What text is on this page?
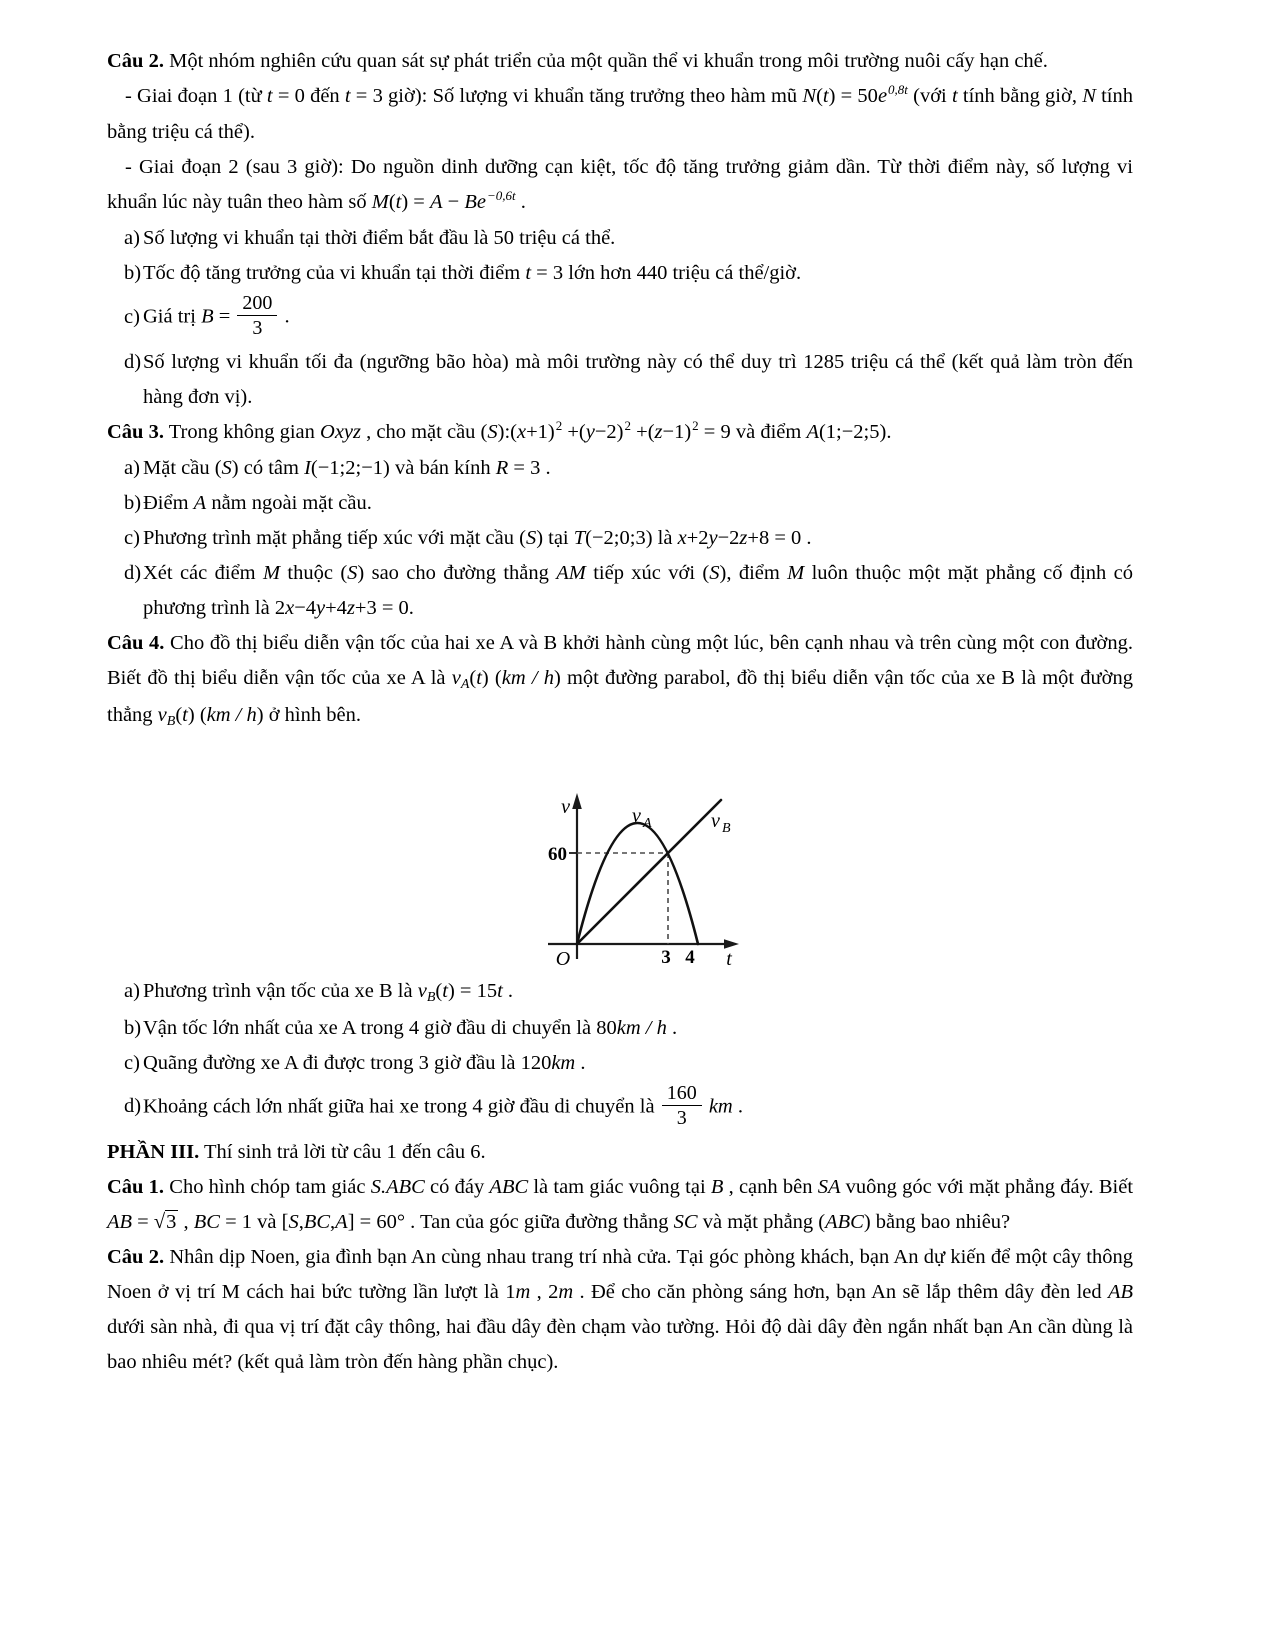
Câu 2. Một nhóm nghiên cứu quan sát sự phát triển của một quần thể vi khuẩn trong môi trường nuôi cấy hạn chế.
- Giai đoạn 1 (từ t = 0 đến t = 3 giờ): Số lượng vi khuẩn tăng trưởng theo hàm mũ $N(t) = 50e^{0,8t}$ (với t tính bằng giờ, N tính bằng triệu cá thể).
- Giai đoạn 2 (sau 3 giờ): Do nguồn dinh dưỡng cạn kiệt, tốc độ tăng trưởng giảm dần. Từ thời điểm này, số lượng vi khuẩn lúc này tuân theo hàm số $M(t) = A - Be^{-0,6t}$ .
a) Số lượng vi khuẩn tại thời điểm bắt đầu là 50 triệu cá thể.
b)Tốc độ tăng trưởng của vi khuẩn tại thời điểm t = 3 lớn hơn 440 triệu cá thể/giờ.
c) Giá trị $B = \frac{200}{3}$ .
d)Số lượng vi khuẩn tối đa (ngưỡng bão hòa) mà môi trường này có thể duy trì 1285 triệu cá thể (kết quả làm tròn đến hàng đơn vị).
Câu 3. Trong không gian Oxyz , cho mặt cầu $(S):(x+1)^2 +(y-2)^2 +(z-1)^2 = 9$ và điểm A(1;−2;5).
a) Mặt cầu (S) có tâm I(−1;2;−1) và bán kính R = 3 .
b)Điểm A nằm ngoài mặt cầu.
c) Phương trình mặt phẳng tiếp xúc với mặt cầu (S) tại T(−2;0;3) là x+2y−2z+8 = 0 .
d)Xét các điểm M thuộc (S) sao cho đường thẳng AM tiếp xúc với (S), điểm M luôn thuộc một mặt phẳng cố định có phương trình là 2x−4y+4z+3 = 0.
Câu 4. Cho đồ thị biểu diễn vận tốc của hai xe A và B khởi hành cùng một lúc, bên cạnh nhau và trên cùng một con đường. Biết đồ thị biểu diễn vận tốc của xe A là vA(t) (km / h) một đường parabol, đồ thị biểu diễn vận tốc của xe B là một đường thẳng vB(t) (km / h) ở hình bên.
v
t
O
60
3 4
v A	v B
a) Phương trình vận tốc của xe B là vB(t) = 15t .
b)Vận tốc lớn nhất của xe A trong 4 giờ đầu di chuyển là 80km / h .
c) Quãng đường xe A đi được trong 3 giờ đầu là 120km .
d)Khoảng cách lớn nhất giữa hai xe trong 4 giờ đầu di chuyển là $\frac{160}{3}$ km .
PHẦN III. Thí sinh trả lời từ câu 1 đến câu 6.
Câu 1. Cho hình chóp tam giác S.ABC có đáy ABC là tam giác vuông tại B , cạnh bên SA vuông góc với mặt phẳng đáy. Biết AB = √3 , BC = 1 và [S,BC,A] = 60° . Tan của góc giữa đường thẳng SC và mặt phẳng (ABC) bằng bao nhiêu?
Câu 2. Nhân dịp Noen, gia đình bạn An cùng nhau trang trí nhà cửa. Tại góc phòng khách, bạn An dự kiến để một cây thông Noen ở vị trí M cách hai bức tường lần lượt là 1m , 2m . Để cho căn phòng sáng hơn, bạn An sẽ lắp thêm dây đèn led AB dưới sàn nhà, đi qua vị trí đặt cây thông, hai đầu dây đèn chạm vào tường. Hỏi độ dài dây đèn ngắn nhất bạn An cần dùng là bao nhiêu mét? (kết quả làm tròn đến hàng phần chục).
